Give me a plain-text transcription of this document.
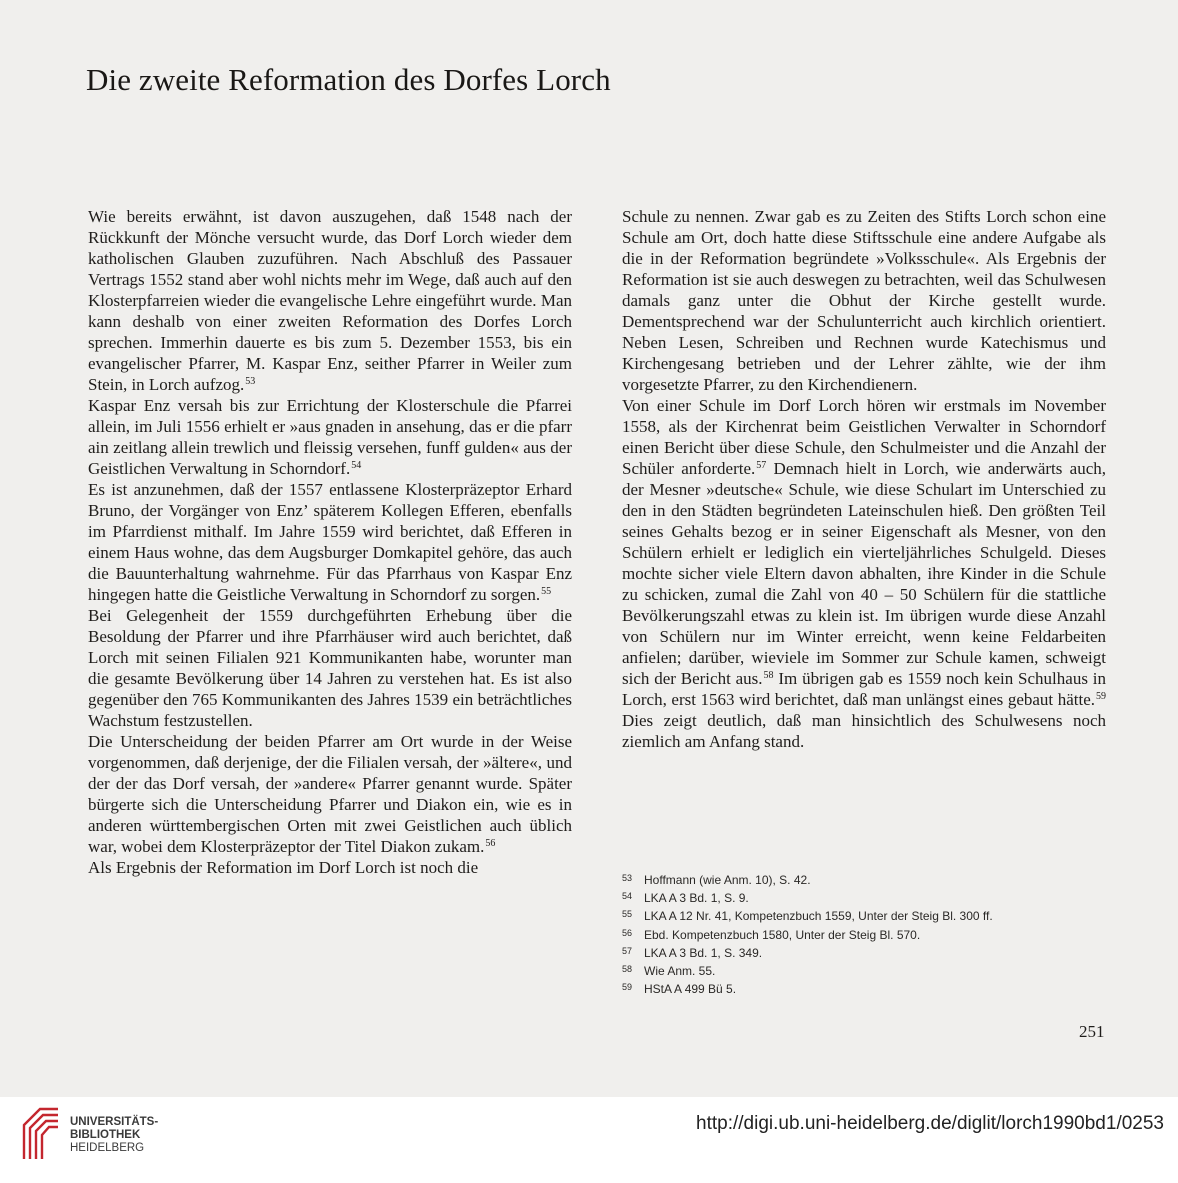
Die zweite Reformation des Dorfes Lorch

Wie bereits erwähnt, ist davon auszugehen, daß 1548 nach der Rückkunft der Mönche versucht wurde, das Dorf Lorch wieder dem katholischen Glauben zuzuführen. Nach Abschluß des Passauer Vertrags 1552 stand aber wohl nichts mehr im Wege, daß auch auf den Klosterpfarreien wieder die evangelische Lehre eingeführt wurde. Man kann deshalb von einer zweiten Reformation des Dorfes Lorch sprechen. Immerhin dauerte es bis zum 5. Dezember 1553, bis ein evangelischer Pfarrer, M. Kaspar Enz, seither Pfarrer in Weiler zum Stein, in Lorch aufzog.$^{53}$

Kaspar Enz versah bis zur Errichtung der Klosterschule die Pfarrei allein, im Juli 1556 erhielt er »aus gnaden in ansehung, das er die pfarr ain zeitlang allein trewlich und fleissig versehen, funff gulden« aus der Geistlichen Verwaltung in Schorndorf.$^{54}$

Es ist anzunehmen, daß der 1557 entlassene Klosterpräzeptor Erhard Bruno, der Vorgänger von Enz’ späterem Kollegen Efferen, ebenfalls im Pfarrdienst mithalf. Im Jahre 1559 wird berichtet, daß Efferen in einem Haus wohne, das dem Augsburger Domkapitel gehöre, das auch die Bauunterhaltung wahrnehme. Für das Pfarrhaus von Kaspar Enz hingegen hatte die Geistliche Verwaltung in Schorndorf zu sorgen.$^{55}$

Bei Gelegenheit der 1559 durchgeführten Erhebung über die Besoldung der Pfarrer und ihre Pfarrhäuser wird auch berichtet, daß Lorch mit seinen Filialen 921 Kommunikanten habe, worunter man die gesamte Bevölkerung über 14 Jahren zu verstehen hat. Es ist also gegenüber den 765 Kommunikanten des Jahres 1539 ein beträchtliches Wachstum festzustellen.

Die Unterscheidung der beiden Pfarrer am Ort wurde in der Weise vorgenommen, daß derjenige, der die Filialen versah, der »ältere«, und der der das Dorf versah, der »andere« Pfarrer genannt wurde. Später bürgerte sich die Unterscheidung Pfarrer und Diakon ein, wie es in anderen württembergischen Orten mit zwei Geistlichen auch üblich war, wobei dem Klosterpräzeptor der Titel Diakon zukam.$^{56}$

Als Ergebnis der Reformation im Dorf Lorch ist noch die

Schule zu nennen. Zwar gab es zu Zeiten des Stifts Lorch schon eine Schule am Ort, doch hatte diese Stiftsschule eine andere Aufgabe als die in der Reformation begründete »Volksschule«. Als Ergebnis der Reformation ist sie auch deswegen zu betrachten, weil das Schulwesen damals ganz unter die Obhut der Kirche gestellt wurde. Dementsprechend war der Schulunterricht auch kirchlich orientiert. Neben Lesen, Schreiben und Rechnen wurde Katechismus und Kirchengesang betrieben und der Lehrer zählte, wie der ihm vorgesetzte Pfarrer, zu den Kirchendienern.

Von einer Schule im Dorf Lorch hören wir erstmals im November 1558, als der Kirchenrat beim Geistlichen Verwalter in Schorndorf einen Bericht über diese Schule, den Schulmeister und die Anzahl der Schüler anforderte.$^{57}$ Demnach hielt in Lorch, wie anderwärts auch, der Mesner »deutsche« Schule, wie diese Schulart im Unterschied zu den in den Städten begründeten Lateinschulen hieß. Den größten Teil seines Gehalts bezog er in seiner Eigenschaft als Mesner, von den Schülern erhielt er lediglich ein vierteljährliches Schulgeld. Dieses mochte sicher viele Eltern davon abhalten, ihre Kinder in die Schule zu schicken, zumal die Zahl von 40 – 50 Schülern für die stattliche Bevölkerungszahl etwas zu klein ist. Im übrigen wurde diese Anzahl von Schülern nur im Winter erreicht, wenn keine Feldarbeiten anfielen; darüber, wieviele im Sommer zur Schule kamen, schweigt sich der Bericht aus.$^{58}$ Im übrigen gab es 1559 noch kein Schulhaus in Lorch, erst 1563 wird berichtet, daß man unlängst eines gebaut hätte.$^{59}$ Dies zeigt deutlich, daß man hinsichtlich des Schulwesens noch ziemlich am Anfang stand.

53 Hoffmann (wie Anm. 10), S. 42.
54 LKA A 3 Bd. 1, S. 9.
55 LKA A 12 Nr. 41, Kompetenzbuch 1559, Unter der Steig Bl. 300 ff.
56 Ebd. Kompetenzbuch 1580, Unter der Steig Bl. 570.
57 LKA A 3 Bd. 1, S. 349.
58 Wie Anm. 55.
59 HStA A 499 Bü 5.
251
UNIVERSITÄTS-
BIBLIOTHEK
HEIDELBERG
http://digi.ub.uni-heidelberg.de/diglit/lorch1990bd1/0253
